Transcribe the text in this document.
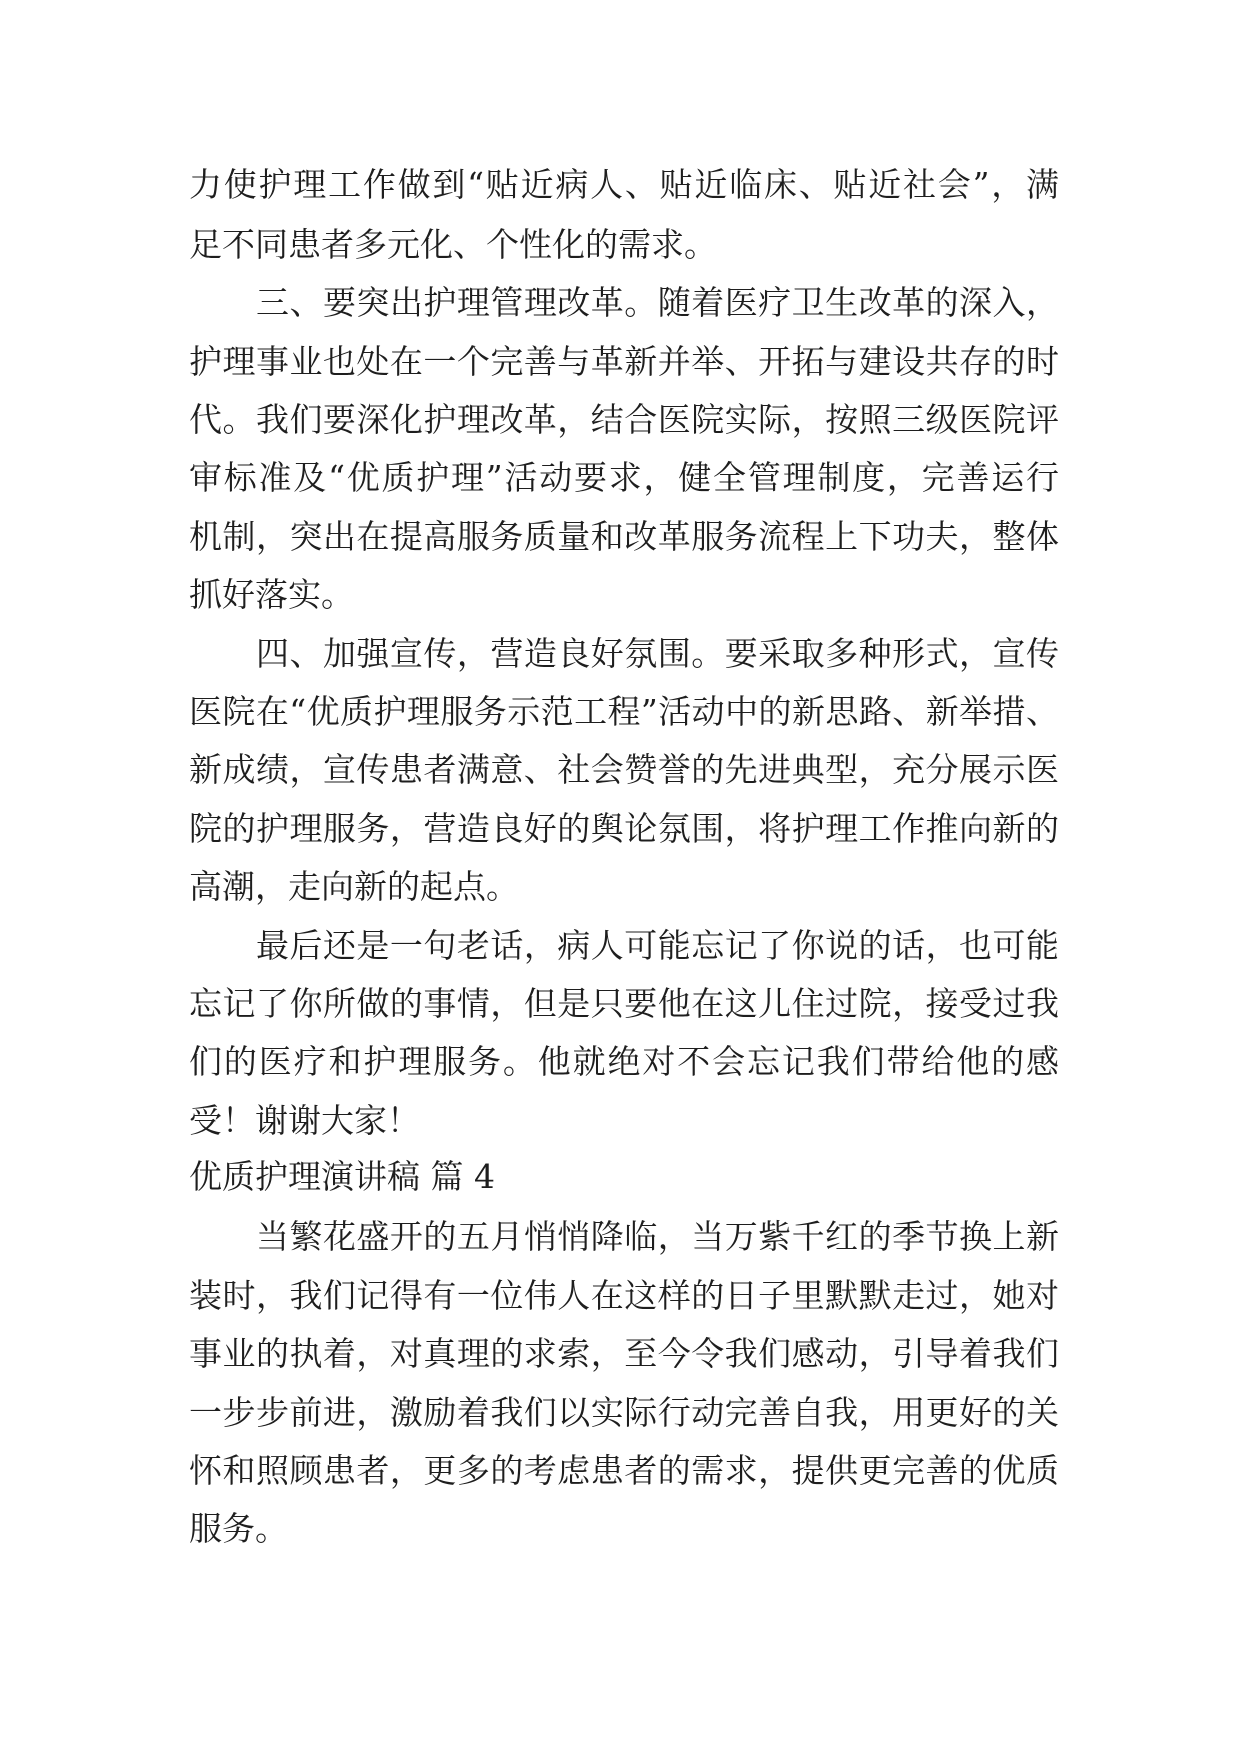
力使护理工作做到“贴近病人、贴近临床、贴近社会”，满
足不同患者多元化、个性化的需求。
三、要突出护理管理改革。随着医疗卫生改革的深入，
护理事业也处在一个完善与革新并举、开拓与建设共存的时
代。我们要深化护理改革，结合医院实际，按照三级医院评
审标准及“优质护理”活动要求，健全管理制度，完善运行
机制，突出在提高服务质量和改革服务流程上下功夫，整体
抓好落实。
四、加强宣传，营造良好氛围。要采取多种形式，宣传
医院在“优质护理服务示范工程”活动中的新思路、新举措、
新成绩，宣传患者满意、社会赞誉的先进典型，充分展示医
院的护理服务，营造良好的舆论氛围，将护理工作推向新的
高潮，走向新的起点。
最后还是一句老话，病人可能忘记了你说的话，也可能
忘记了你所做的事情，但是只要他在这儿住过院，接受过我
们的医疗和护理服务。他就绝对不会忘记我们带给他的感
受！谢谢大家！
优质护理演讲稿 篇 4
当繁花盛开的五月悄悄降临，当万紫千红的季节换上新
装时，我们记得有一位伟人在这样的日子里默默走过，她对
事业的执着，对真理的求索，至今令我们感动，引导着我们
一步步前进，激励着我们以实际行动完善自我，用更好的关
怀和照顾患者，更多的考虑患者的需求，提供更完善的优质
服务。
